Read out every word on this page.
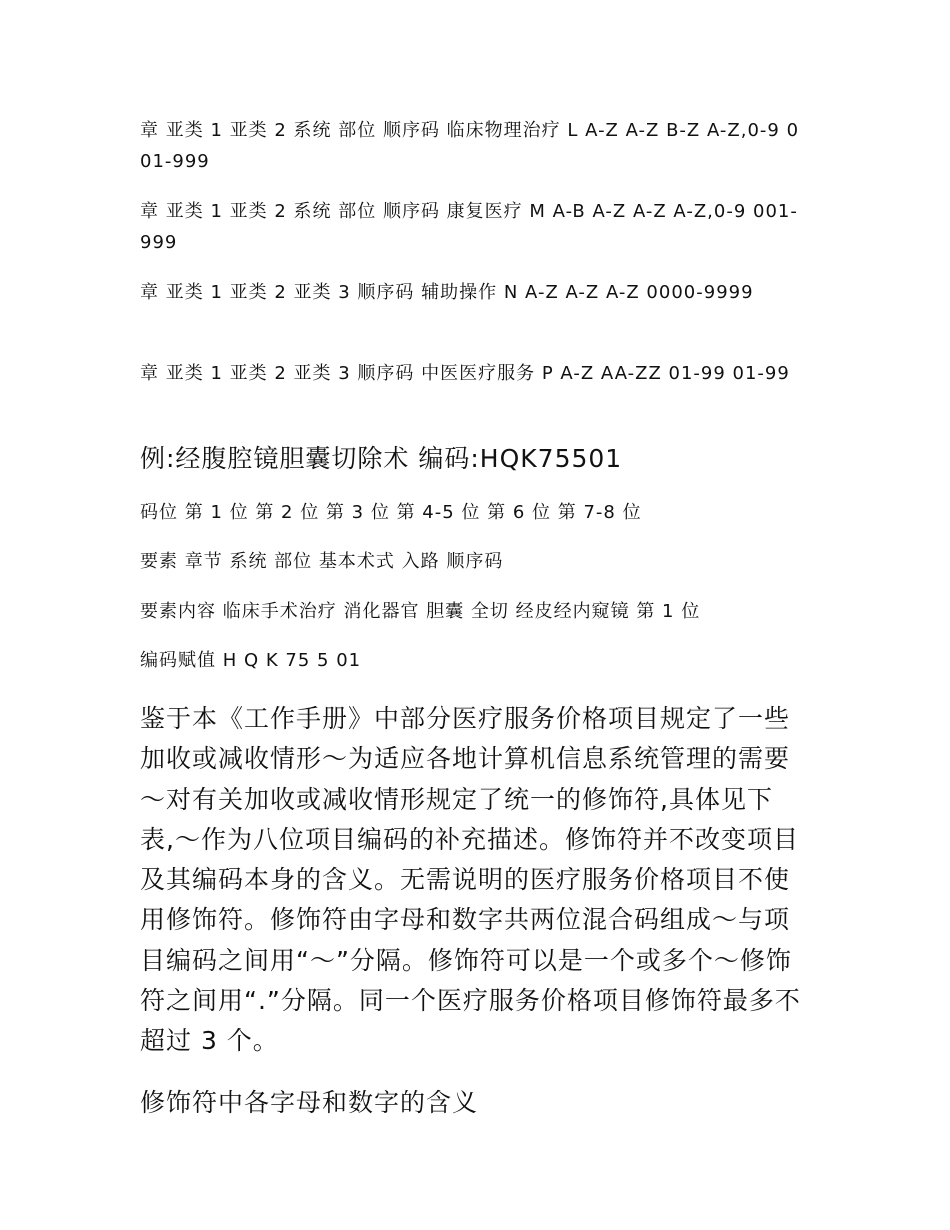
章 亚类 1 亚类 2 系统 部位 顺序码 临床物理治疗 L A-Z A-Z B-Z A-Z,0-9 001-999

章 亚类 1 亚类 2 系统 部位 顺序码 康复医疗 M A-B A-Z A-Z A-Z,0-9 001-999

章 亚类 1 亚类 2 亚类 3 顺序码 辅助操作 N A-Z A-Z A-Z 0000-9999

章 亚类 1 亚类 2 亚类 3 顺序码 中医医疗服务 P A-Z AA-ZZ 01-99 01-99

例:经腹腔镜胆囊切除术 编码:HQK75501

码位 第 1 位 第 2 位 第 3 位 第 4-5 位 第 6 位 第 7-8 位

要素 章节 系统 部位 基本术式 入路 顺序码

要素内容 临床手术治疗 消化器官 胆囊 全切 经皮经内窥镜 第 1 位

编码赋值 H Q K 75 5 01

鉴于本《工作手册》中部分医疗服务价格项目规定了一些加收或减收情形～为适应各地计算机信息系统管理的需要～对有关加收或减收情形规定了统一的修饰符,具体见下表,～作为八位项目编码的补充描述。修饰符并不改变项目及其编码本身的含义。无需说明的医疗服务价格项目不使用修饰符。修饰符由字母和数字共两位混合码组成～与项目编码之间用“～”分隔。修饰符可以是一个或多个～修饰符之间用“.”分隔。同一个医疗服务价格项目修饰符最多不超过 3 个。

修饰符中各字母和数字的含义
